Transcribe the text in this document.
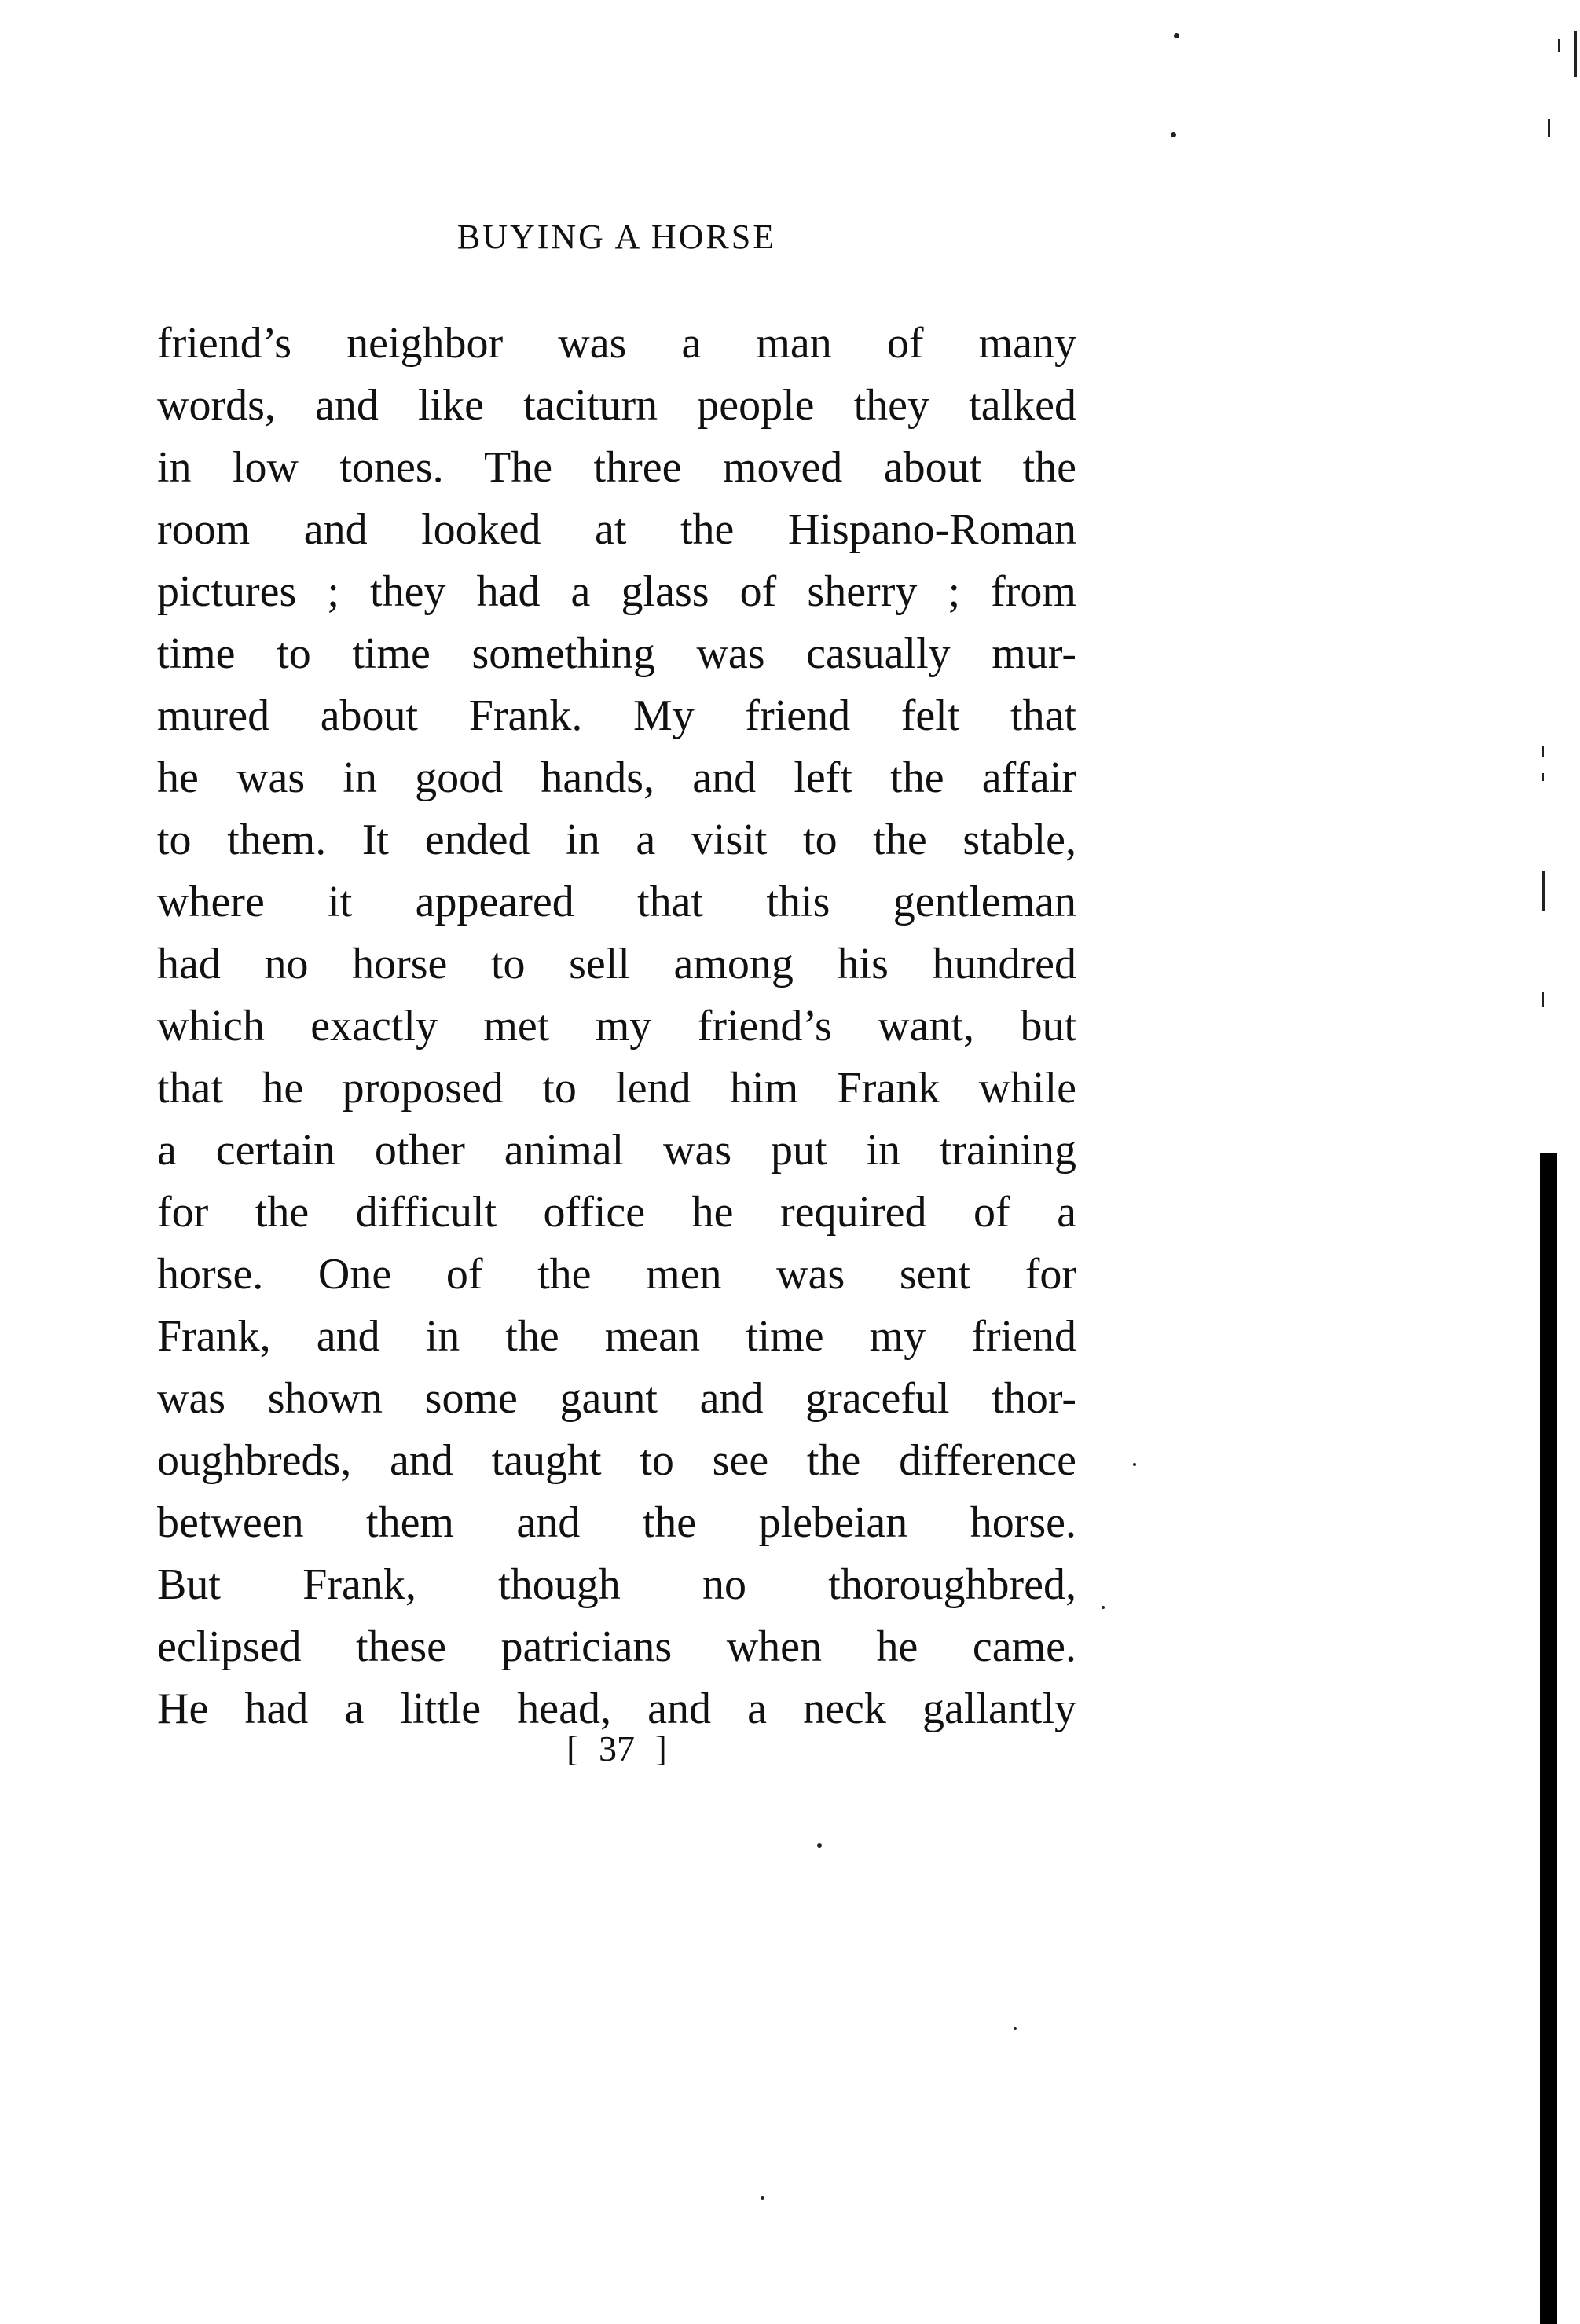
BUYING A HORSE
friend’s neighbor was a man of many
words, and like taciturn people they talked
in low tones. The three moved about the
room and looked at the Hispano-Roman
pictures ; they had a glass of sherry ; from
time to time something was casually mur-
mured about Frank. My friend felt that
he was in good hands, and left the affair
to them. It ended in a visit to the stable,
where it appeared that this gentleman
had no horse to sell among his hundred
which exactly met my friend’s want, but
that he proposed to lend him Frank while
a certain other animal was put in training
for the difficult office he required of a
horse. One of the men was sent for
Frank, and in the mean time my friend
was shown some gaunt and graceful thor-
oughbreds, and taught to see the difference
between them and the plebeian horse.
But Frank, though no thoroughbred,
eclipsed these patricians when he came.
He had a little head, and a neck gallantly
[ 37 ]
